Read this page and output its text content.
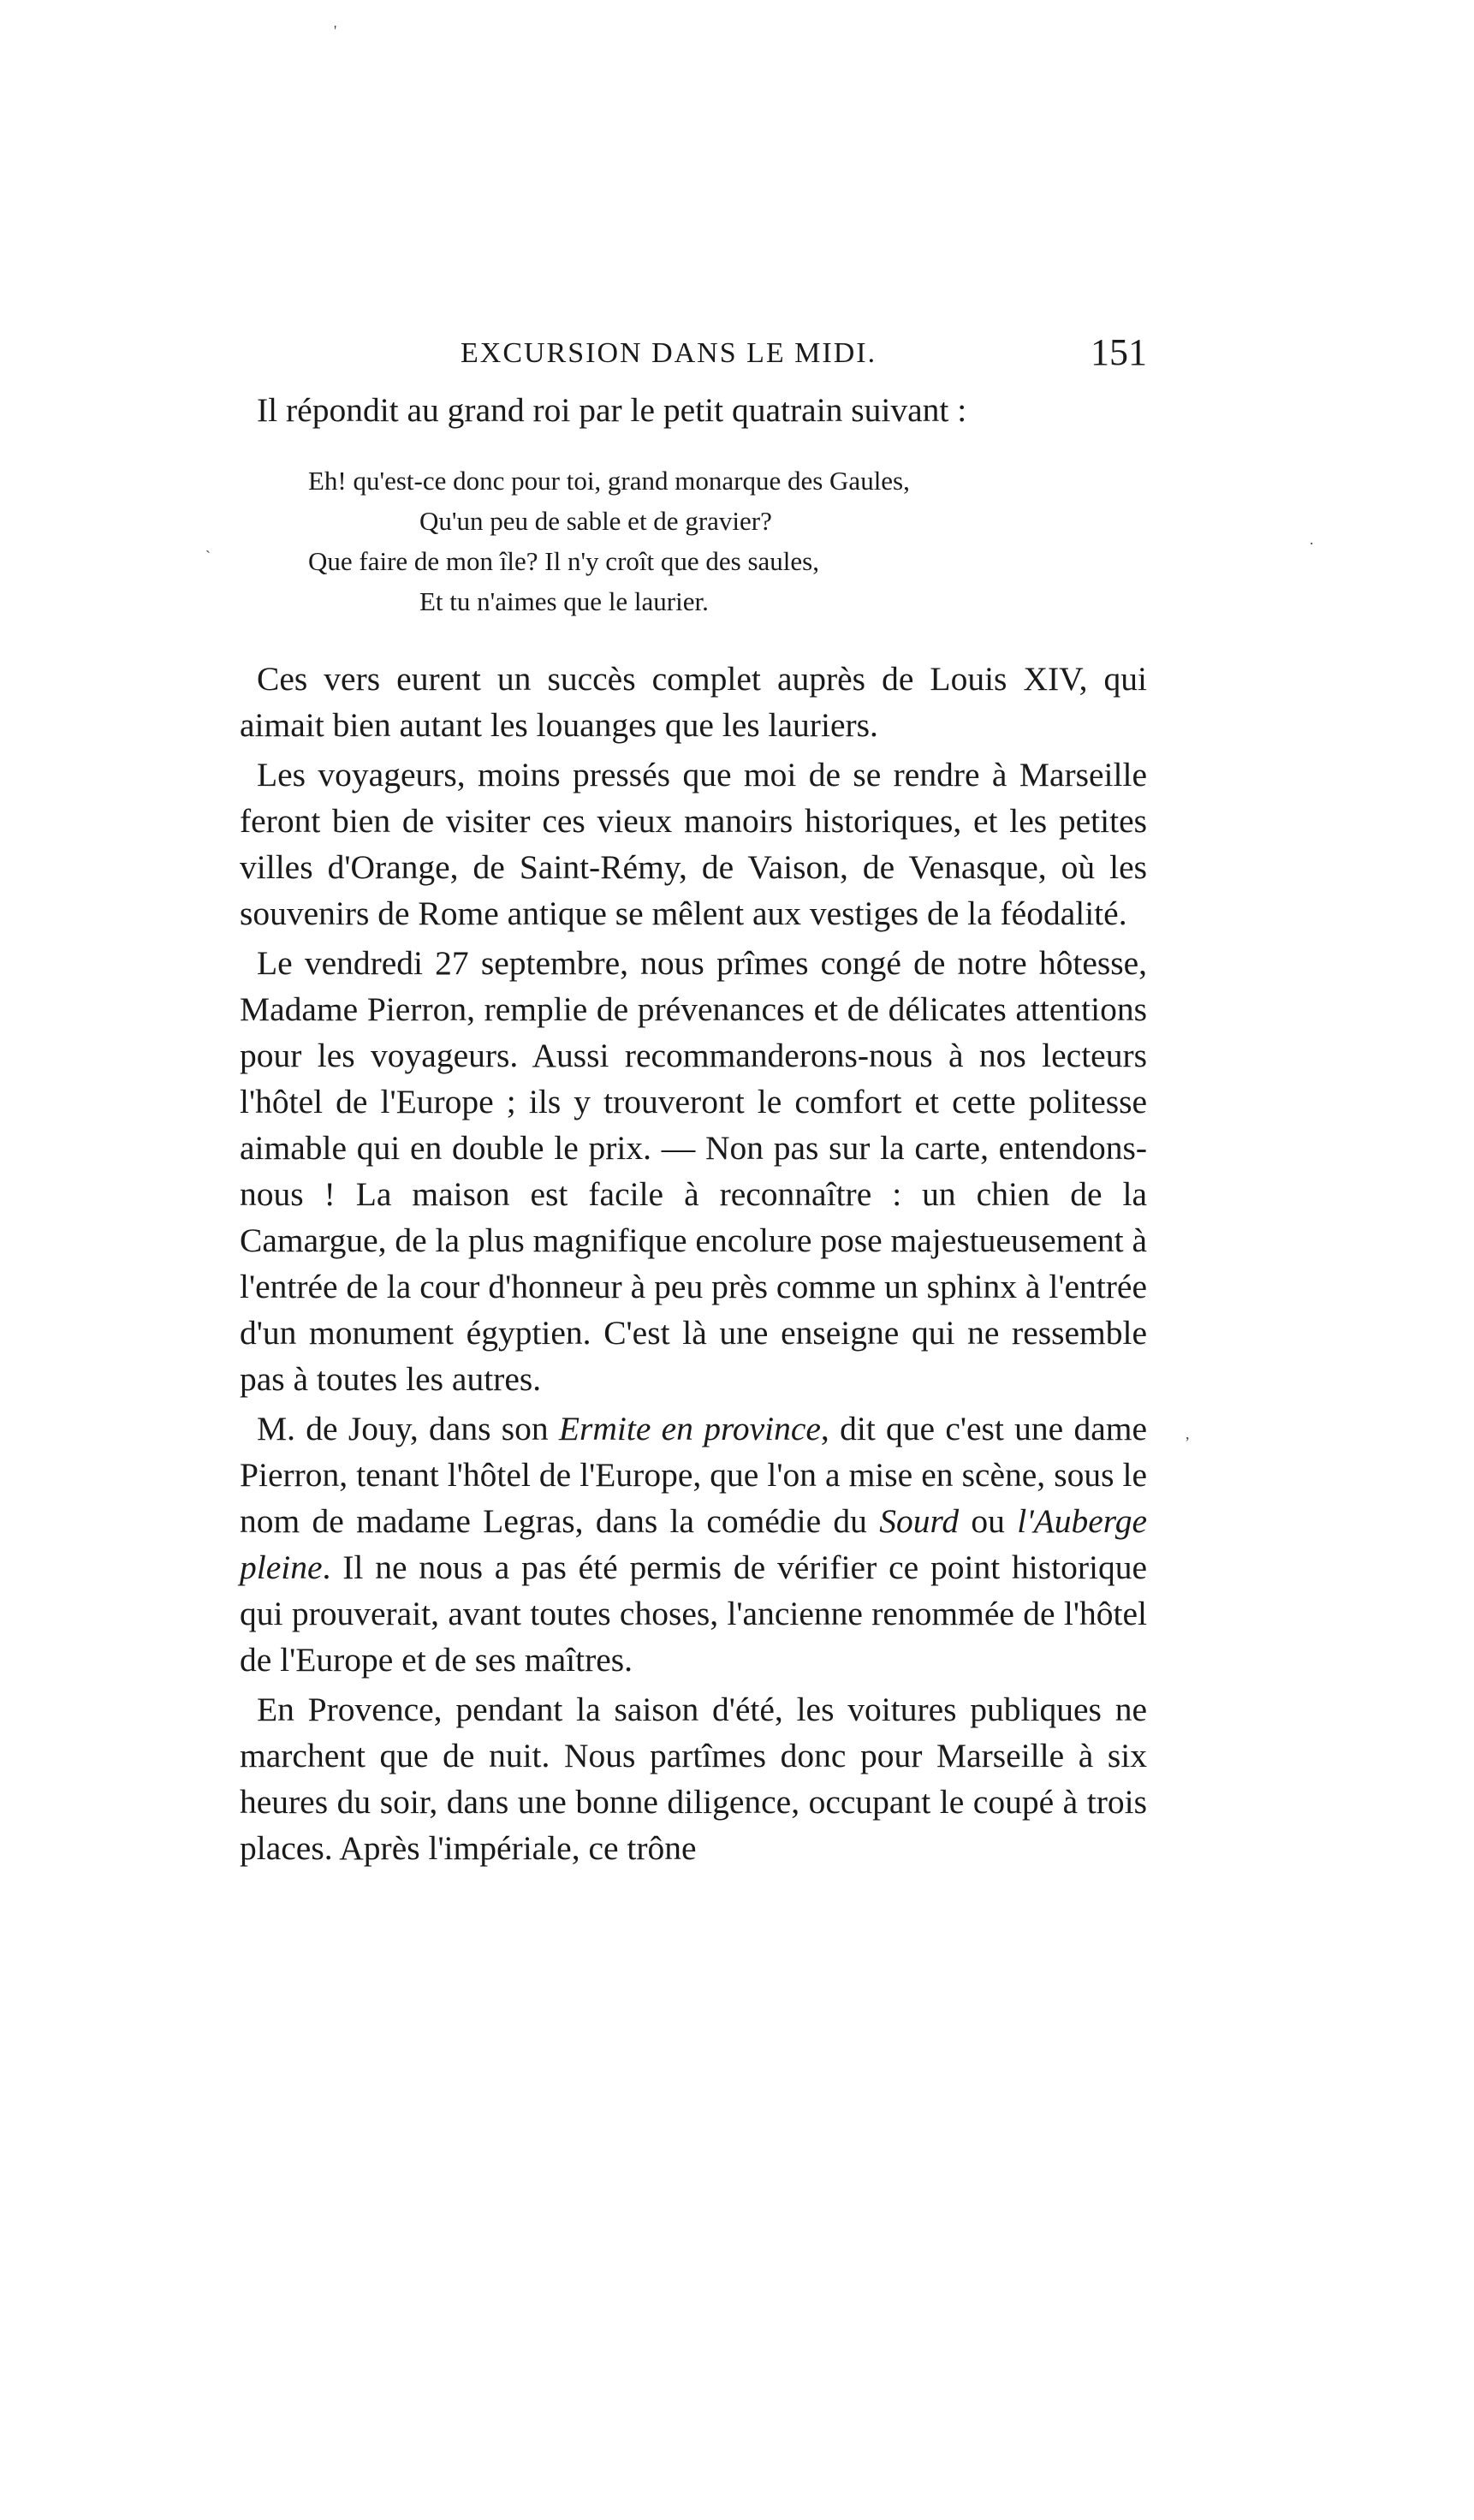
EXCURSION DANS LE MIDI.	151

Il répondit au grand roi par le petit quatrain suivant :

Eh! qu'est-ce donc pour toi, grand monarque des Gaules,
Qu'un peu de sable et de gravier?
Que faire de mon île? Il n'y croît que des saules,
Et tu n'aimes que le laurier.

Ces vers eurent un succès complet auprès de Louis XIV, qui aimait bien autant les louanges que les lauriers.

Les voyageurs, moins pressés que moi de se rendre à Marseille feront bien de visiter ces vieux manoirs historiques, et les petites villes d'Orange, de Saint-Rémy, de Vaison, de Venasque, où les souvenirs de Rome antique se mêlent aux vestiges de la féodalité.

Le vendredi 27 septembre, nous prîmes congé de notre hôtesse, Madame Pierron, remplie de prévenances et de délicates attentions pour les voyageurs. Aussi recommanderons-nous à nos lecteurs l'hôtel de l'Europe ; ils y trouveront le comfort et cette politesse aimable qui en double le prix. — Non pas sur la carte, entendons-nous ! La maison est facile à reconnaître : un chien de la Camargue, de la plus magnifique encolure pose majestueusement à l'entrée de la cour d'honneur à peu près comme un sphinx à l'entrée d'un monument égyptien. C'est là une enseigne qui ne ressemble pas à toutes les autres.

M. de Jouy, dans son Ermite en province, dit que c'est une dame Pierron, tenant l'hôtel de l'Europe, que l'on a mise en scène, sous le nom de madame Legras, dans la comédie du Sourd ou l'Auberge pleine. Il ne nous a pas été permis de vérifier ce point historique qui prouverait, avant toutes choses, l'ancienne renommée de l'hôtel de l'Europe et de ses maîtres.

En Provence, pendant la saison d'été, les voitures publiques ne marchent que de nuit. Nous partîmes donc pour Marseille à six heures du soir, dans une bonne diligence, occupant le coupé à trois places. Après l'impériale, ce trône

'
`
.
,
